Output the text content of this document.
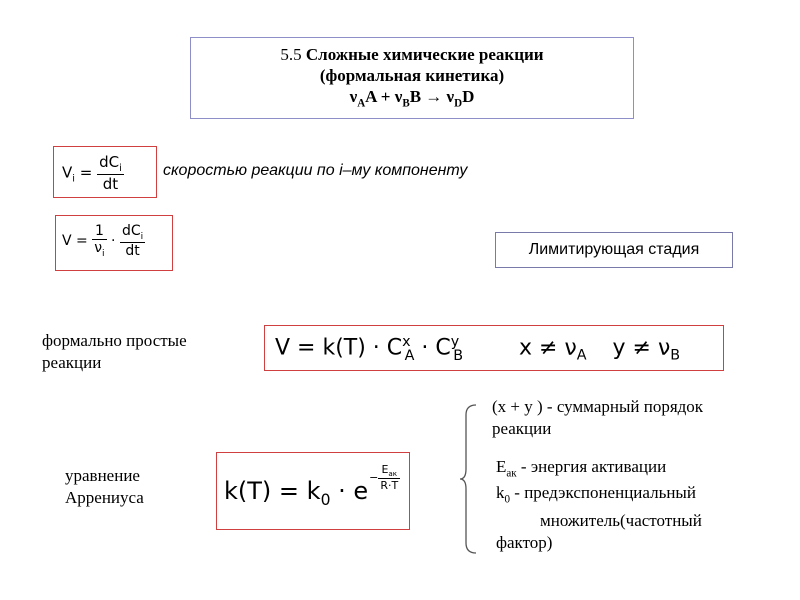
5.5 Сложные химические реакции
(формальная кинетика)
$\nu_AA + \nu_BB \to \nu_DD$
$V_i = \frac{dC_i}{dt}$ скоростью реакции по i–му компоненту
$V = \frac{1}{\nu_i} \cdot \frac{dC_i}{dt}$	Лимитирующая стадия
формально простые
реакции
$V = k(T) \cdot C^x_A \cdot C^y_B$	$x \ne \nu_A$ $y \ne \nu_B$
уравнение
Аррениуса	$k(T) = k_0 \cdot e- \frac{E_{ак}}{R\cdot T}$
(x + y ) - суммарный порядок
реакции
$E_{ак}$ - энергия активации
$k_0$ - предэкспоненциальный
множитель(частотный
фактор)
